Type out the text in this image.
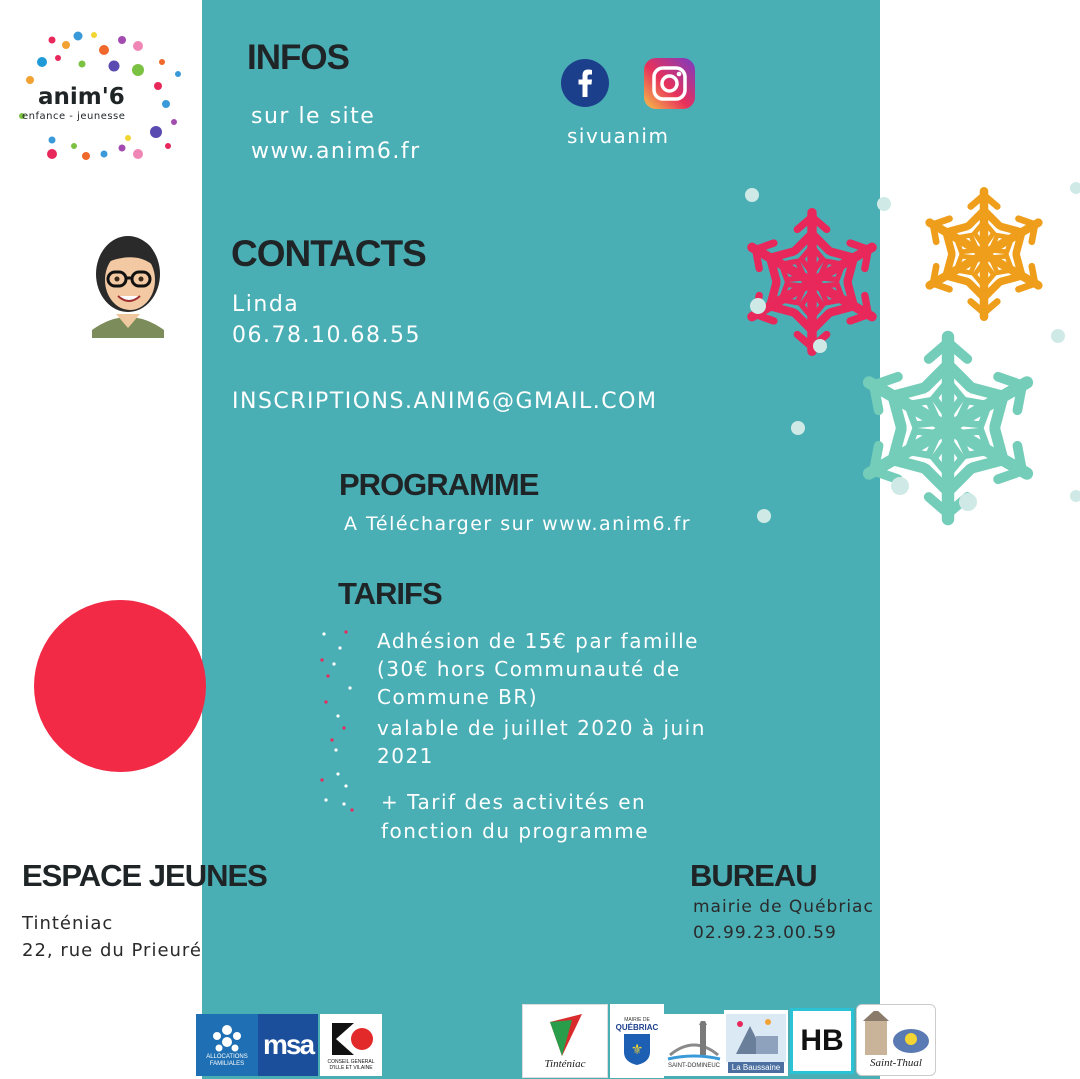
anim'6
enfance - jeunesse
INFOS
sur le site
www.anim6.fr
sivuanim
CONTACTS
Linda
06.78.10.68.55
INSCRIPTIONS.ANIM6@GMAIL.COM
PROGRAMME
A Télécharger sur www.anim6.fr
TARIFS
Adhésion de 15€ par famille
(30€ hors Communauté de
Commune BR)
valable de juillet 2020 à juin
2021
+ Tarif des activités en
fonction du programme
ESPACE JEUNES
Tinténiac
22, rue du Prieuré
BUREAU
mairie de Québriac
02.99.23.00.59
ALLOCATIONS FAMILIALES
msa
CONSEIL GENERAL D'ILLE ET VILAINE	Tinténiac
MAIRIE DE
QUÉBRIAC
⚜
SAINT-DOMINEUC	La Baussaine
HB
Saint-Thual
